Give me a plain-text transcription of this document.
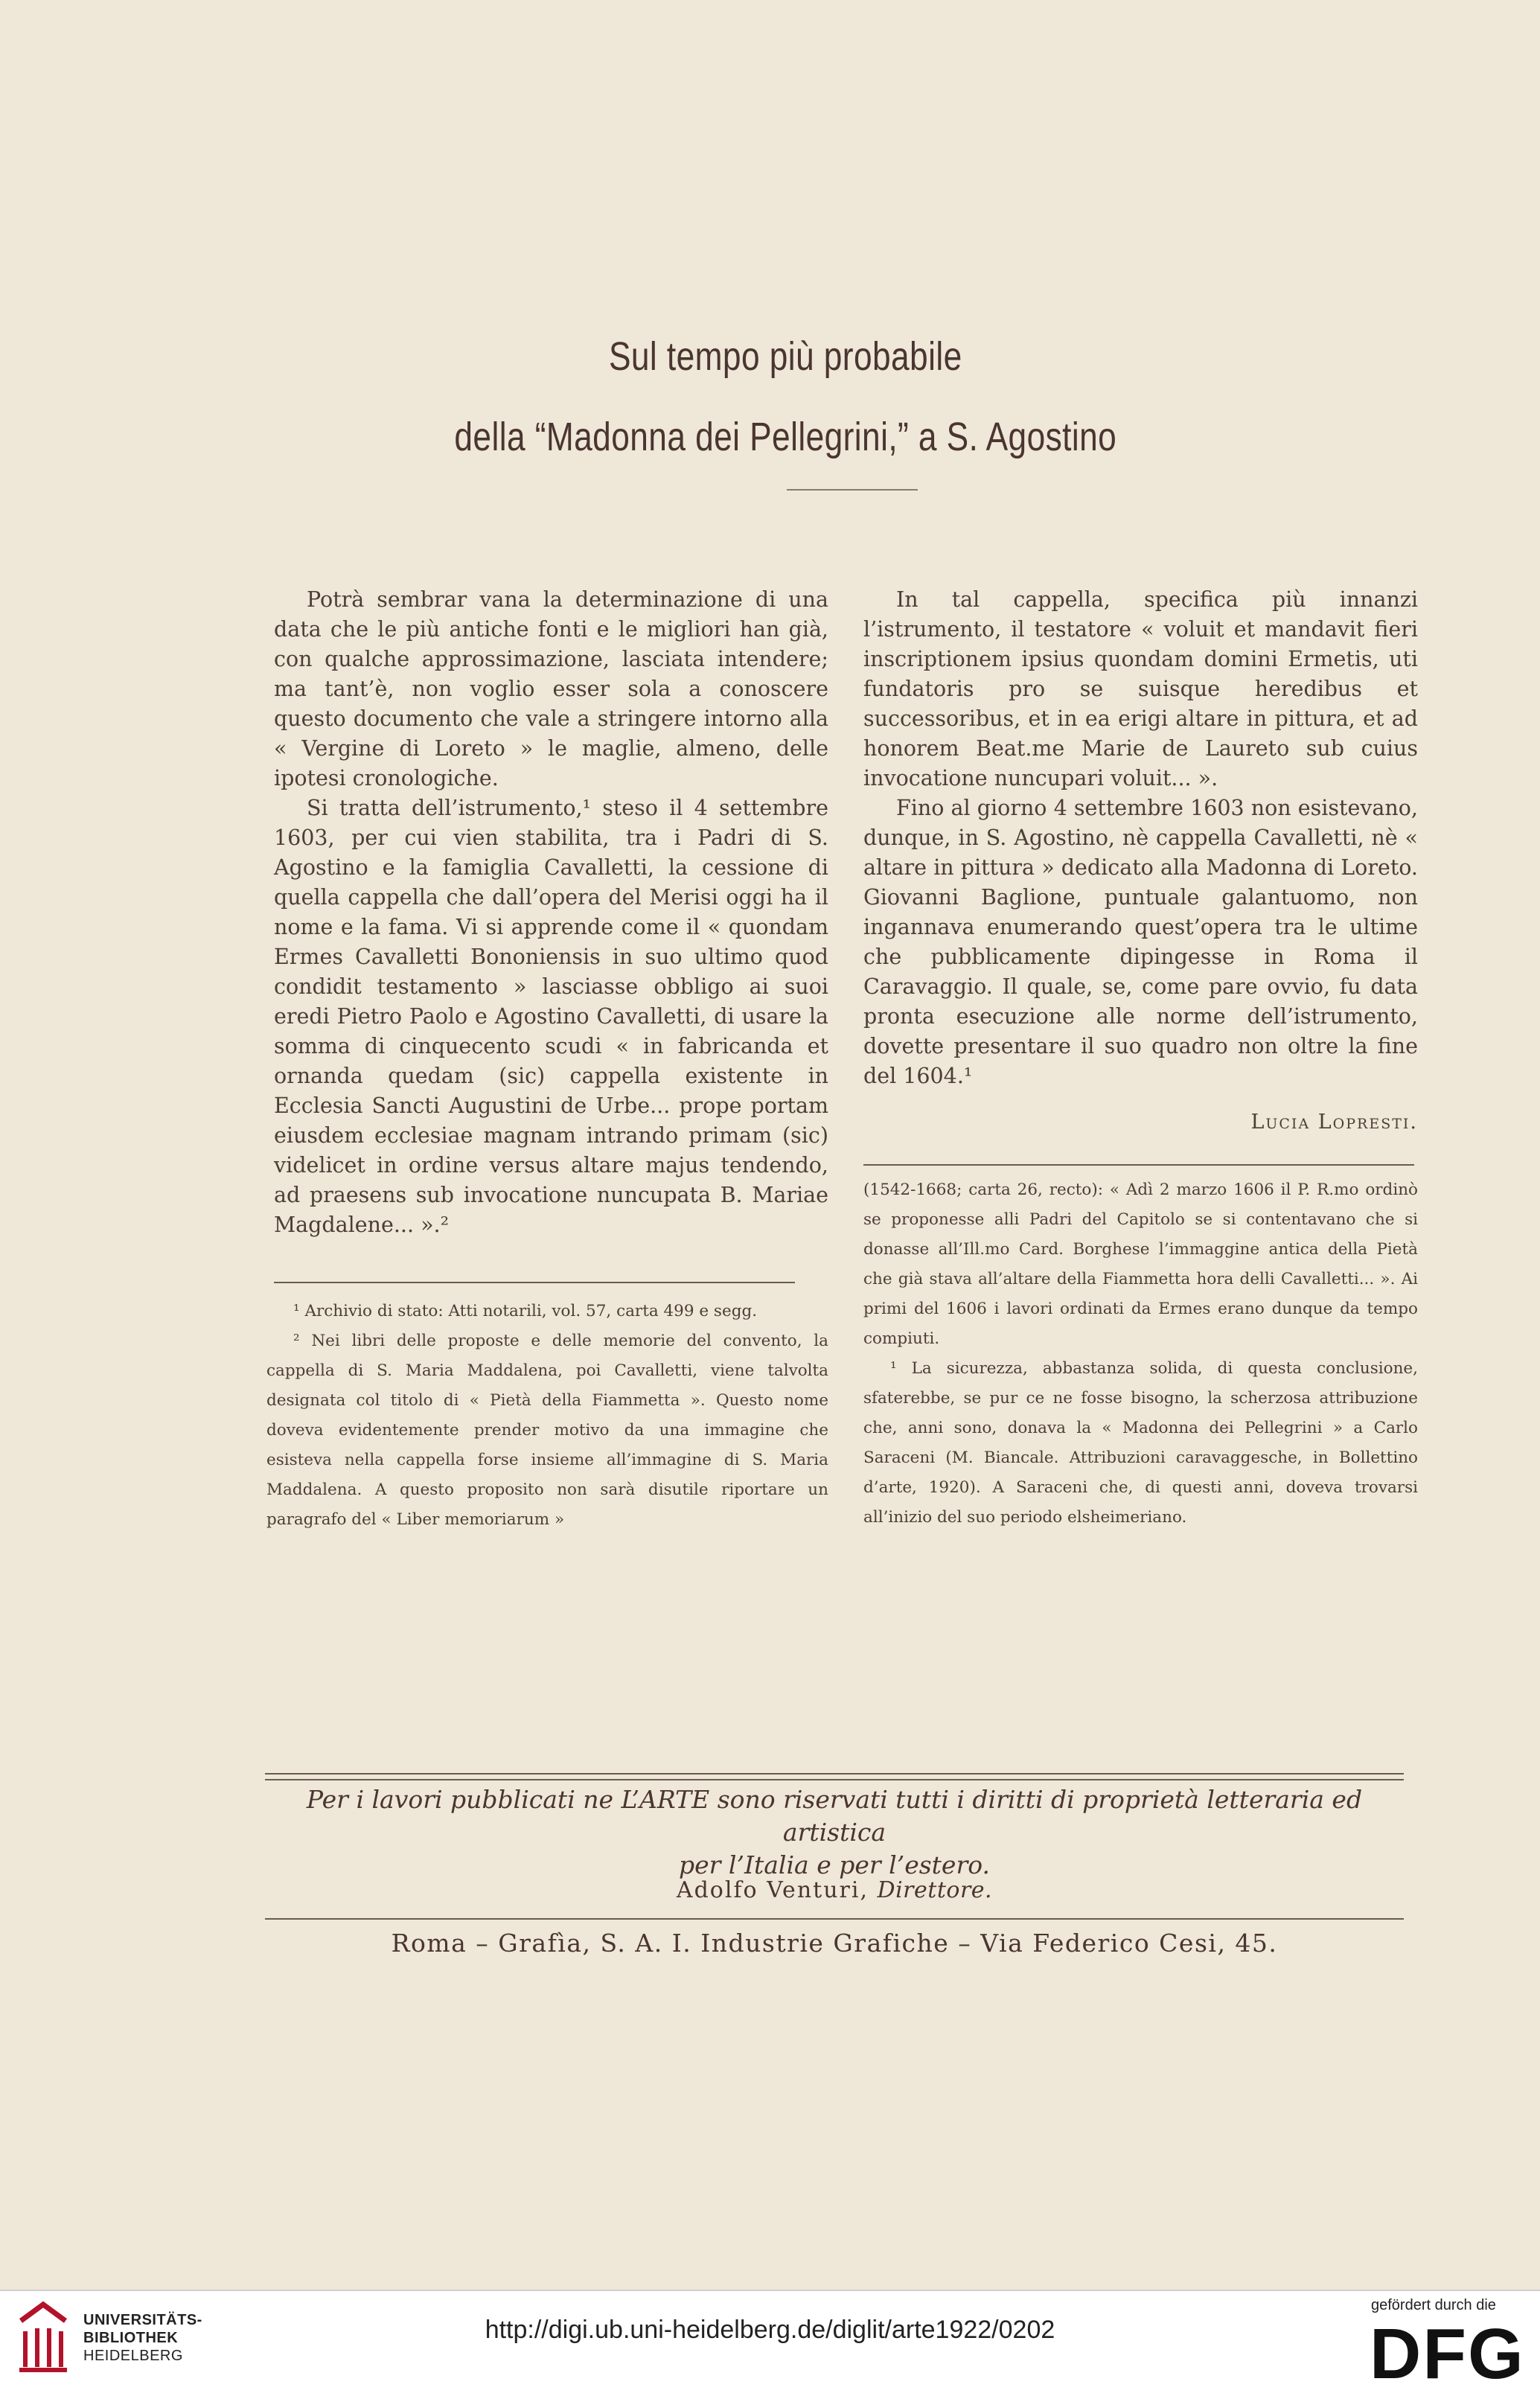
Sul tempo più probabile
della “Madonna dei Pellegrini,” a S. Agostino

Potrà sembrar vana la determinazione di una data che le più antiche fonti e le migliori han già, con qualche approssimazione, lasciata intendere; ma tant’è, non voglio esser sola a conoscere questo documento che vale a stringere intorno alla « Vergine di Loreto » le maglie, almeno, delle ipotesi cronologiche.

Si tratta dell’istrumento,¹ steso il 4 settembre 1603, per cui vien stabilita, tra i Padri di S. Agostino e la famiglia Cavalletti, la cessione di quella cappella che dall’opera del Merisi oggi ha il nome e la fama. Vi si apprende come il « quondam Ermes Cavalletti Bononiensis in suo ultimo quod condidit testamento » lasciasse obbligo ai suoi eredi Pietro Paolo e Agostino Cavalletti, di usare la somma di cinquecento scudi « in fabricanda et ornanda quedam (sic) cappella existente in Ecclesia Sancti Augustini de Urbe... prope portam eiusdem ecclesiae magnam intrando primam (sic) videlicet in ordine versus altare majus tendendo, ad praesens sub invocatione nuncupata B. Mariae Magdalene... ».²

In tal cappella, specifica più innanzi l’istrumento, il testatore « voluit et mandavit fieri inscriptionem ipsius quondam domini Ermetis, uti fundatoris pro se suisque heredibus et successoribus, et in ea erigi altare in pittura, et ad honorem Beat.me Marie de Laureto sub cuius invocatione nuncupari voluit... ».

Fino al giorno 4 settembre 1603 non esistevano, dunque, in S. Agostino, nè cappella Cavalletti, nè « altare in pittura » dedicato alla Madonna di Loreto. Giovanni Baglione, puntuale galantuomo, non ingannava enumerando quest’opera tra le ultime che pubblicamente dipingesse in Roma il Caravaggio. Il quale, se, come pare ovvio, fu data pronta esecuzione alle norme dell’istrumento, dovette presentare il suo quadro non oltre la fine del 1604.¹

Lucia Lopresti.

¹ Archivio di stato: Atti notarili, vol. 57, carta 499 e segg.

² Nei libri delle proposte e delle memorie del convento, la cappella di S. Maria Maddalena, poi Cavalletti, viene talvolta designata col titolo di « Pietà della Fiammetta ». Questo nome doveva evidentemente prender motivo da una immagine che esisteva nella cappella forse insieme all’immagine di S. Maria Maddalena. A questo proposito non sarà disutile riportare un paragrafo del « Liber memoriarum »

(1542-1668; carta 26, recto): « Adì 2 marzo 1606 il P. R.mo ordinò se proponesse alli Padri del Capitolo se si contentavano che si donasse all’Ill.mo Card. Borghese l’immaggine antica della Pietà che già stava all’altare della Fiammetta hora delli Cavalletti... ». Ai primi del 1606 i lavori ordinati da Ermes erano dunque da tempo compiuti.

¹ La sicurezza, abbastanza solida, di questa conclusione, sfaterebbe, se pur ce ne fosse bisogno, la scherzosa attribuzione che, anni sono, donava la « Madonna dei Pellegrini » a Carlo Saraceni (M. Biancale. Attribuzioni caravaggesche, in Bollettino d’arte, 1920). A Saraceni che, di questi anni, doveva trovarsi all’inizio del suo periodo elsheimeriano.

Per i lavori pubblicati ne L’ARTE sono riservati tutti i diritti di proprietà letteraria ed artistica
per l’Italia e per l’estero.
Adolfo Venturi, Direttore.
Roma – Grafìa, S. A. I. Industrie Grafiche – Via Federico Cesi, 45.
UNIVERSITÄTS-
BIBLIOTHEK
HEIDELBERG
http://digi.ub.uni-heidelberg.de/diglit/arte1922/0202
gefördert durch die
DFG
